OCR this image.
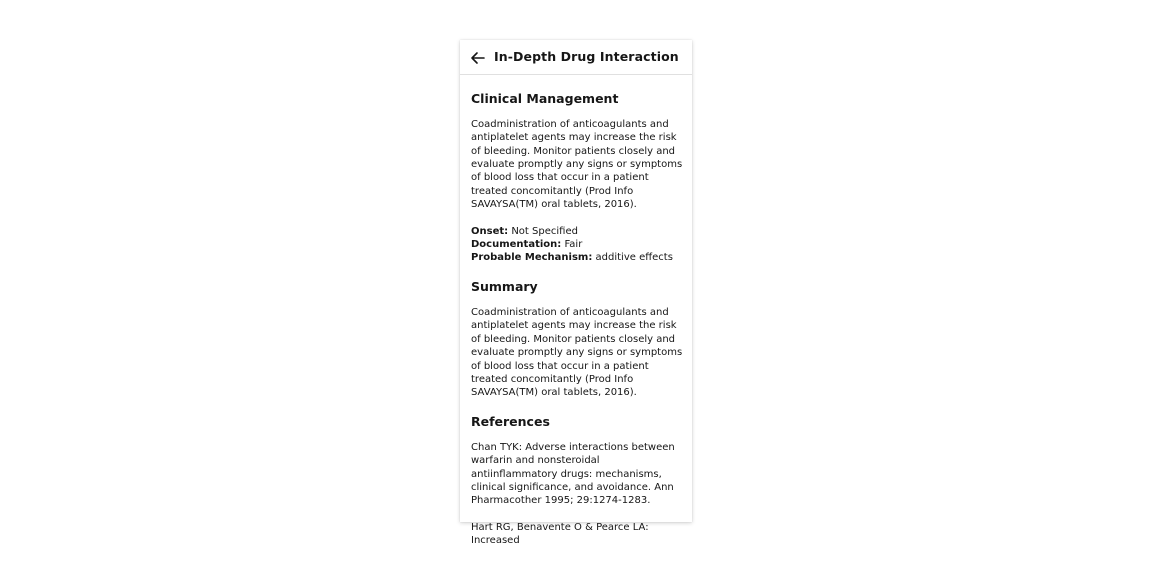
In-Depth Drug Interaction
Clinical Management
Coadministration of anticoagulants and antiplatelet agents may increase the risk of bleeding. Monitor patients closely and evaluate promptly any signs or symptoms of blood loss that occur in a patient treated concomitantly (Prod Info SAVAYSA(TM) oral tablets, 2016).
Onset: Not Specified
Documentation: Fair
Probable Mechanism: additive effects
Summary
Coadministration of anticoagulants and antiplatelet agents may increase the risk of bleeding. Monitor patients closely and evaluate promptly any signs or symptoms of blood loss that occur in a patient treated concomitantly (Prod Info SAVAYSA(TM) oral tablets, 2016).
References
Chan TYK: Adverse interactions between warfarin and nonsteroidal antiinflammatory drugs: mechanisms, clinical significance, and avoidance. Ann Pharmacother 1995; 29:1274-1283.
Hart RG, Benavente O & Pearce LA: Increased
